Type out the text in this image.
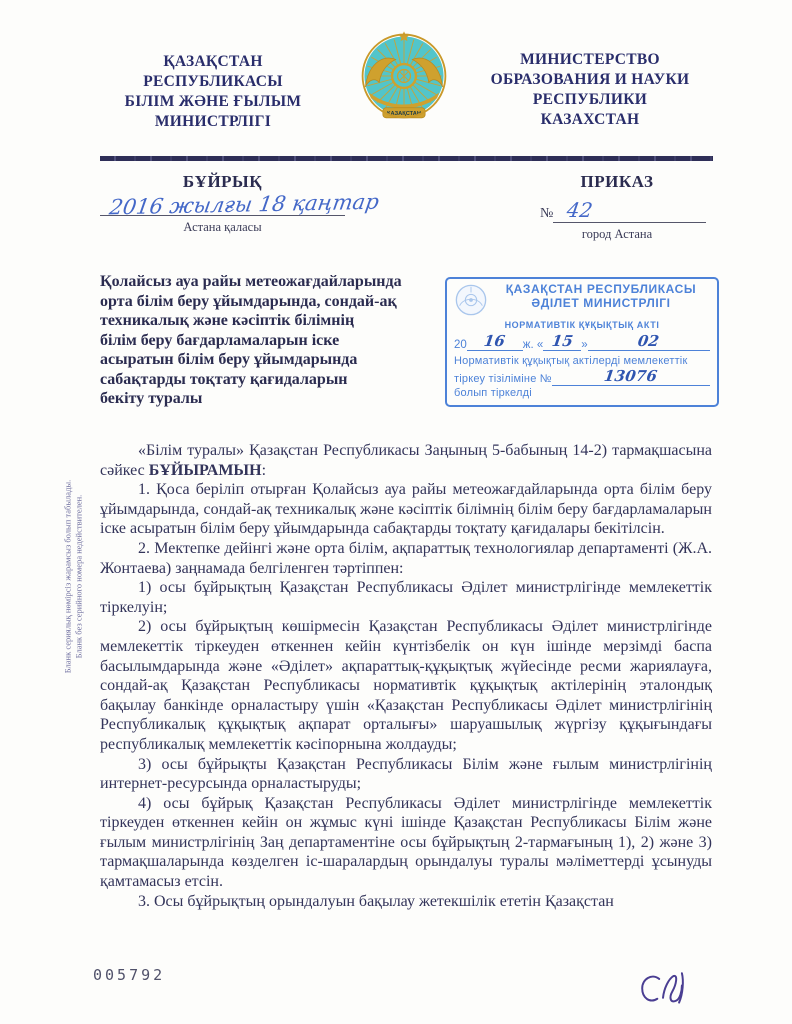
ҚАЗАҚСТАН
РЕСПУБЛИКАСЫ
БІЛІМ ЖӘНЕ ҒЫЛЫМ
МИНИСТРЛІГІ	ҚАЗАҚСТАН
МИНИСТЕРСТВО
ОБРАЗОВАНИЯ И НАУКИ
РЕСПУБЛИКИ
КАЗАХСТАН
БҰЙРЫҚ
2016 жылғы 18 қаңтар
Астана қаласы
ПРИКАЗ
№ 42
город Астана
Қолайсыз ауа райы метеожағдайларында
орта білім беру ұйымдарында, сондай-ақ
техникалық және кәсіптік білімнің
білім беру бағдарламаларын іске
асыратын білім беру ұйымдарында
сабақтарды тоқтату қағидаларын
бекіту туралы
ҚАЗАҚСТАН РЕСПУБЛИКАСЫ
ӘДІЛЕТ МИНИСТРЛІГІ
НОРМАТИВТІК ҚҰҚЫҚТЫҚ АКТІ
20	16	ж. « 15 »	02
Нормативтік құқықтық актілерді мемлекеттік
тіркеу тізіліміне №	13076
болып тіркелді

«Білім туралы» Қазақстан Республикасы Заңының 5-бабының 14-2) тармақшасына сәйкес БҰЙЫРАМЫН:

1. Қоса беріліп отырған Қолайсыз ауа райы метеожағдайларында орта білім беру ұйымдарында, сондай-ақ техникалық және кәсіптік білімнің білім беру бағдарламаларын іске асыратын білім беру ұйымдарында сабақтарды тоқтату қағидалары бекітілсін.

2. Мектепке дейінгі және орта білім, ақпараттық технологиялар департаменті (Ж.А. Жонтаева) заңнамада белгіленген тәртіппен:

1) осы бұйрықтың Қазақстан Республикасы Әділет министрлігінде мемлекеттік тіркелуін;

2) осы бұйрықтың көшірмесін Қазақстан Республикасы Әділет министрлігінде мемлекеттік тіркеуден өткеннен кейін күнтізбелік он күн ішінде мерзімді баспа басылымдарында және «Әділет» ақпараттық-құқықтық жүйесінде ресми жариялауға, сондай-ақ Қазақстан Республикасы нормативтік құқықтық актілерінің эталондық бақылау банкінде орналастыру үшін «Қазақстан Республикасы Әділет министрлігінің Республикалық құқықтық ақпарат орталығы» шаруашылық жүргізу құқығындағы республикалық мемлекеттік кәсіпорнына жолдауды;

3) осы бұйрықты Қазақстан Республикасы Білім және ғылым министрлігінің интернет-ресурсында орналастыруды;

4) осы бұйрық Қазақстан Республикасы Әділет министрлігінде мемлекеттік тіркеуден өткеннен кейін он жұмыс күні ішінде Қазақстан Республикасы Білім және ғылым министрлігінің Заң департаментіне осы бұйрықтың 2-тармағының 1), 2) және 3) тармақшаларында көзделген іс-шаралардың орындалуы туралы мәліметтерді ұсынуды қамтамасыз етсін.

3. Осы бұйрықтың орындалуын бақылау жетекшілік ететін Қазақстан

Бланк сериялық нөмірсіз жарамсыз болып табылады. Бланк без серийного номера недействителен.
005792
